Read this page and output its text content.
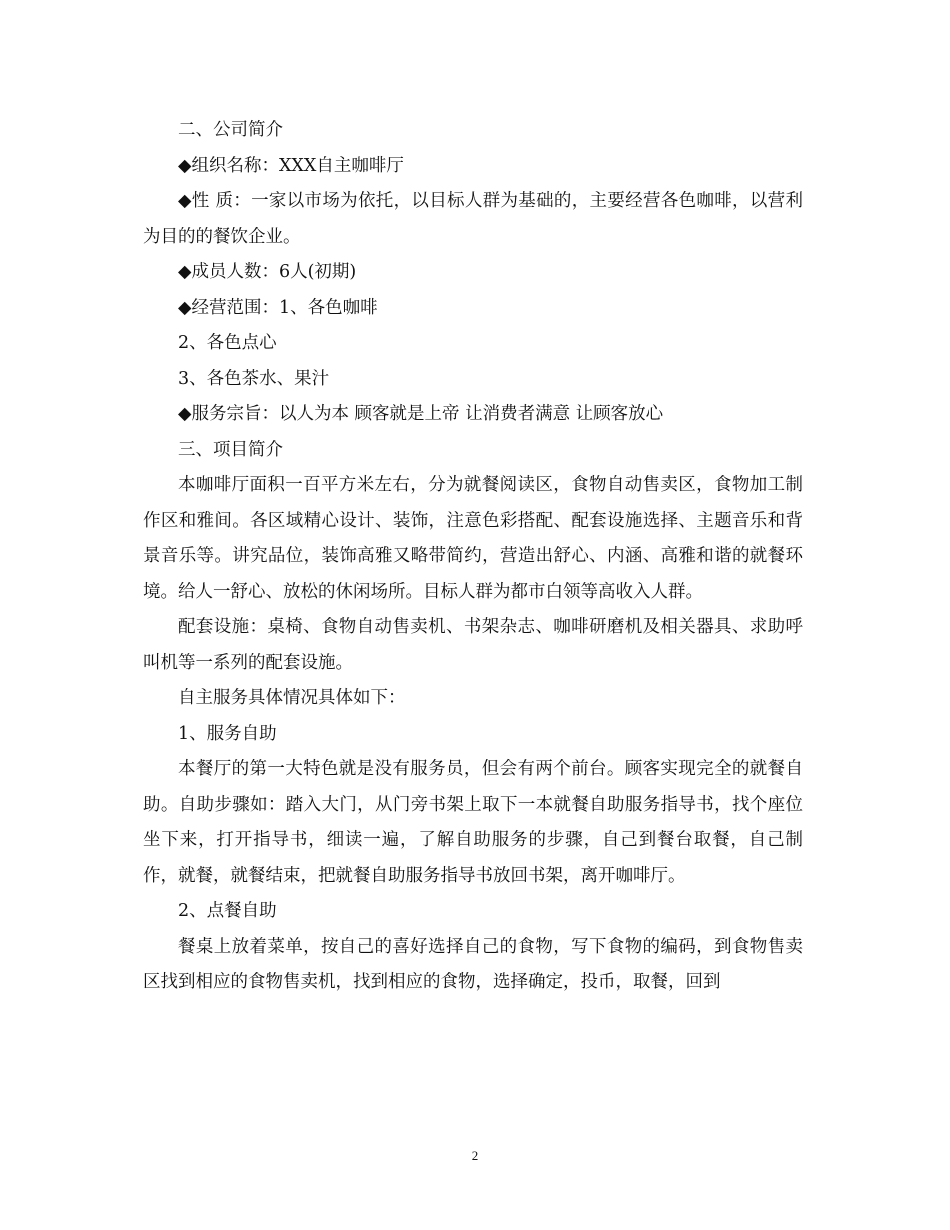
二、公司简介

◆组织名称：XXX自主咖啡厅

◆性 质：一家以市场为依托，以目标人群为基础的，主要经营各色咖啡，以营利为目的的餐饮企业。

◆成员人数：6人(初期)

◆经营范围：1、各色咖啡

2、各色点心

3、各色茶水、果汁

◆服务宗旨：以人为本 顾客就是上帝 让消费者满意 让顾客放心

三、项目简介

本咖啡厅面积一百平方米左右，分为就餐阅读区，食物自动售卖区，食物加工制作区和雅间。各区域精心设计、装饰，注意色彩搭配、配套设施选择、主题音乐和背景音乐等。讲究品位，装饰高雅又略带简约，营造出舒心、内涵、高雅和谐的就餐环境。给人一舒心、放松的休闲场所。目标人群为都市白领等高收入人群。

配套设施：桌椅、食物自动售卖机、书架杂志、咖啡研磨机及相关器具、求助呼叫机等一系列的配套设施。

自主服务具体情况具体如下：

1、服务自助

本餐厅的第一大特色就是没有服务员，但会有两个前台。顾客实现完全的就餐自助。自助步骤如：踏入大门，从门旁书架上取下一本就餐自助服务指导书，找个座位坐下来，打开指导书，细读一遍，了解自助服务的步骤，自己到餐台取餐，自己制作，就餐，就餐结束，把就餐自助服务指导书放回书架，离开咖啡厅。

2、点餐自助

餐桌上放着菜单，按自己的喜好选择自己的食物，写下食物的编码，到食物售卖区找到相应的食物售卖机，找到相应的食物，选择确定，投币，取餐，回到

2
